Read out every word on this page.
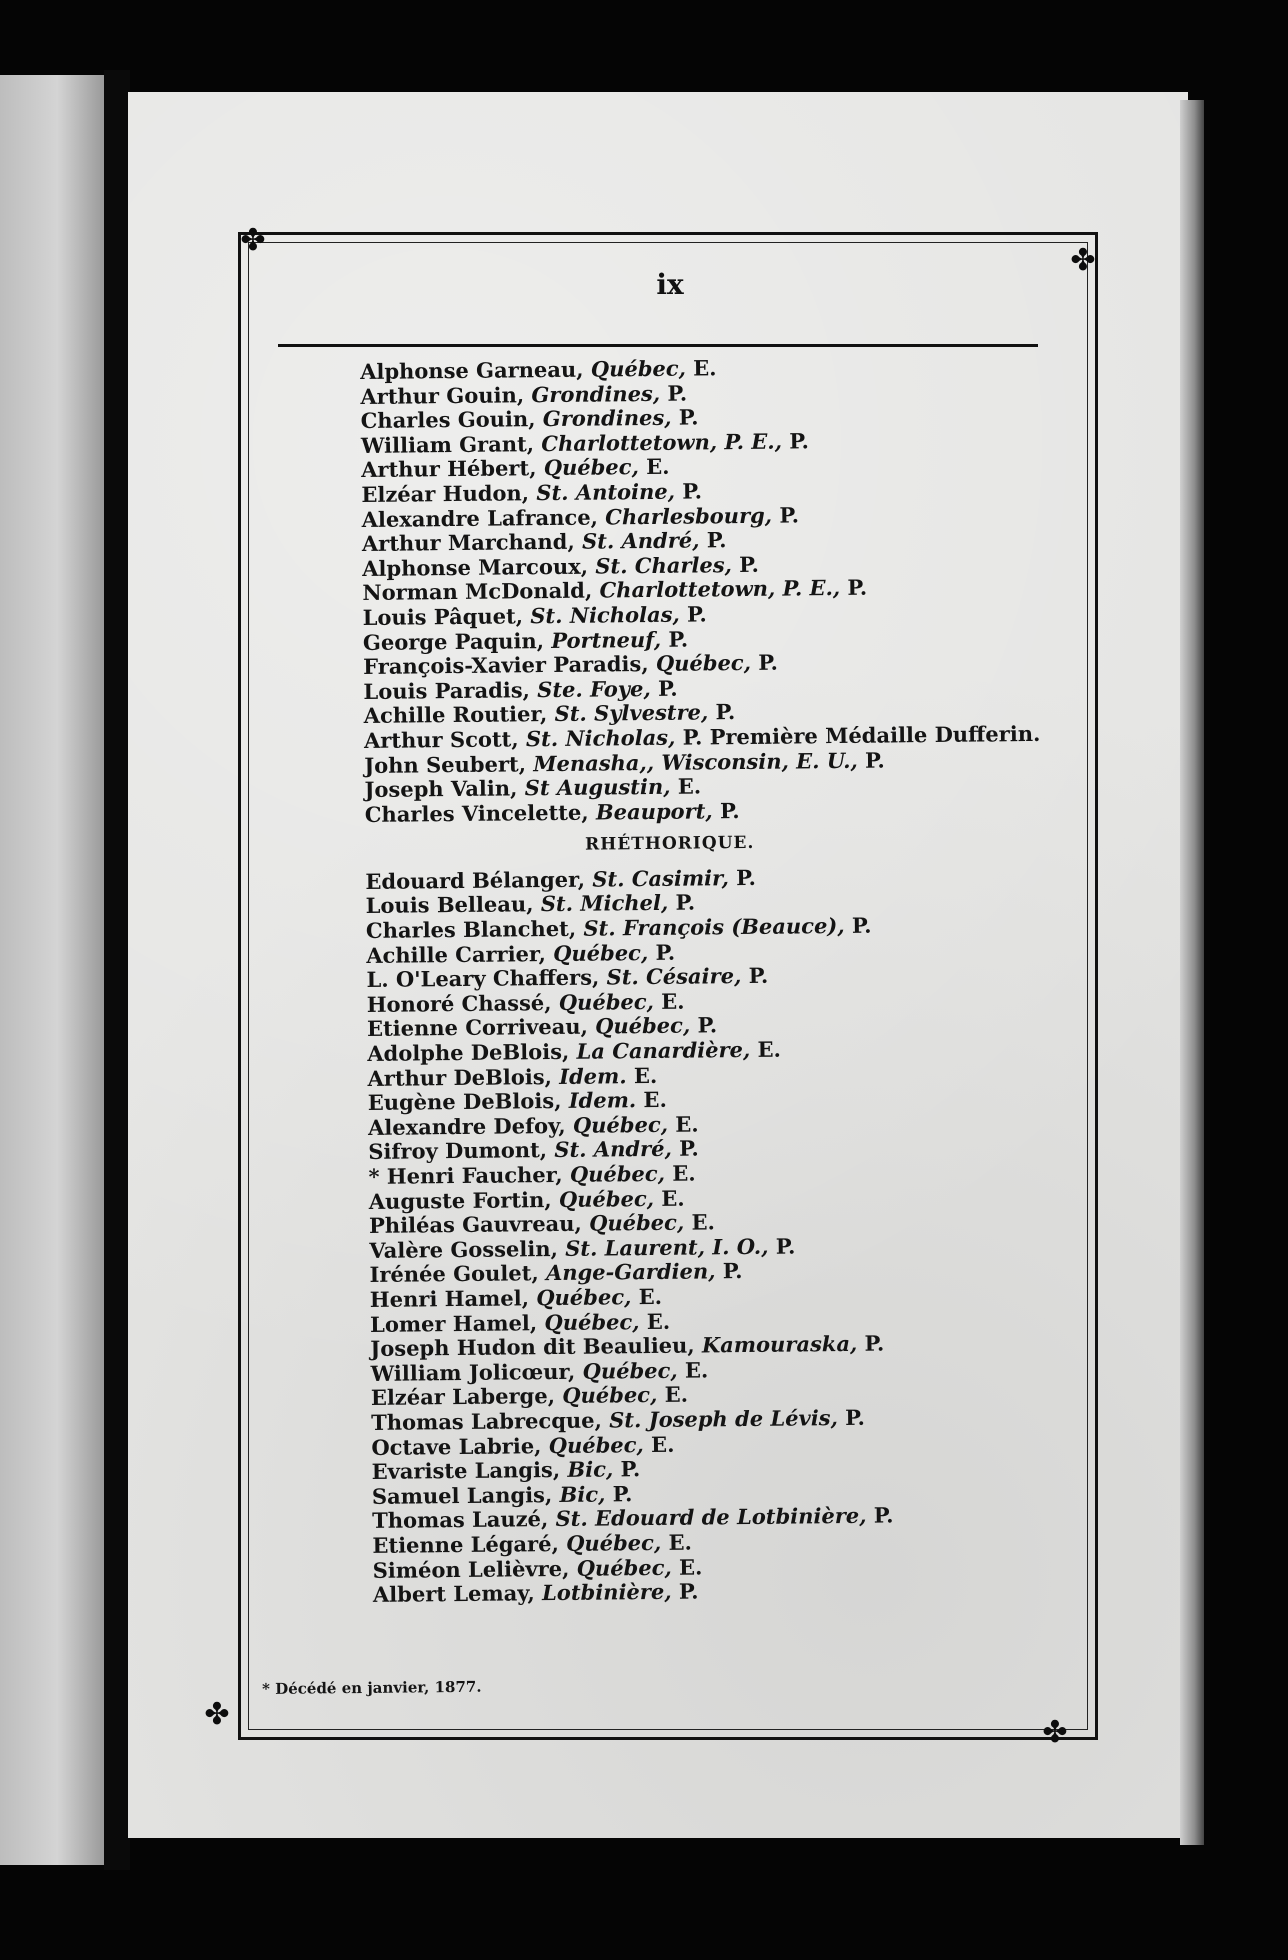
✤
✤
✤
✤
ix
Alphonse Garneau, Québec, E.
Arthur Gouin, Grondines, P.
Charles Gouin, Grondines, P.
William Grant, Charlottetown, P. E., P.
Arthur Hébert, Québec, E.
Elzéar Hudon, St. Antoine, P.
Alexandre Lafrance, Charlesbourg, P.
Arthur Marchand, St. André, P.
Alphonse Marcoux, St. Charles, P.
Norman McDonald, Charlottetown, P. E., P.
Louis Pâquet, St. Nicholas, P.
George Paquin, Portneuf, P.
François-Xavier Paradis, Québec, P.
Louis Paradis, Ste. Foye, P.
Achille Routier, St. Sylvestre, P.
Arthur Scott, St. Nicholas, P. Première Médaille Dufferin.
John Seubert, Menasha,, Wisconsin, E. U., P.
Joseph Valin, St Augustin, E.
Charles Vincelette, Beauport, P.
RHÉTHORIQUE.
Edouard Bélanger, St. Casimir, P.
Louis Belleau, St. Michel, P.
Charles Blanchet, St. François (Beauce), P.
Achille Carrier, Québec, P.
L. O'Leary Chaffers, St. Césaire, P.
Honoré Chassé, Québec, E.
Etienne Corriveau, Québec, P.
Adolphe DeBlois, La Canardière, E.
Arthur DeBlois, Idem. E.
Eugène DeBlois, Idem. E.
Alexandre Defoy, Québec, E.
Sifroy Dumont, St. André, P.
* Henri Faucher, Québec, E.
Auguste Fortin, Québec, E.
Philéas Gauvreau, Québec, E.
Valère Gosselin, St. Laurent, I. O., P.
Irénée Goulet, Ange-Gardien, P.
Henri Hamel, Québec, E.
Lomer Hamel, Québec, E.
Joseph Hudon dit Beaulieu, Kamouraska, P.
William Jolicœur, Québec, E.
Elzéar Laberge, Québec, E.
Thomas Labrecque, St. Joseph de Lévis, P.
Octave Labrie, Québec, E.
Evariste Langis, Bic, P.
Samuel Langis, Bic, P.
Thomas Lauzé, St. Edouard de Lotbinière, P.
Etienne Légaré, Québec, E.
Siméon Lelièvre, Québec, E.
Albert Lemay, Lotbinière, P.
* Décédé en janvier, 1877.
